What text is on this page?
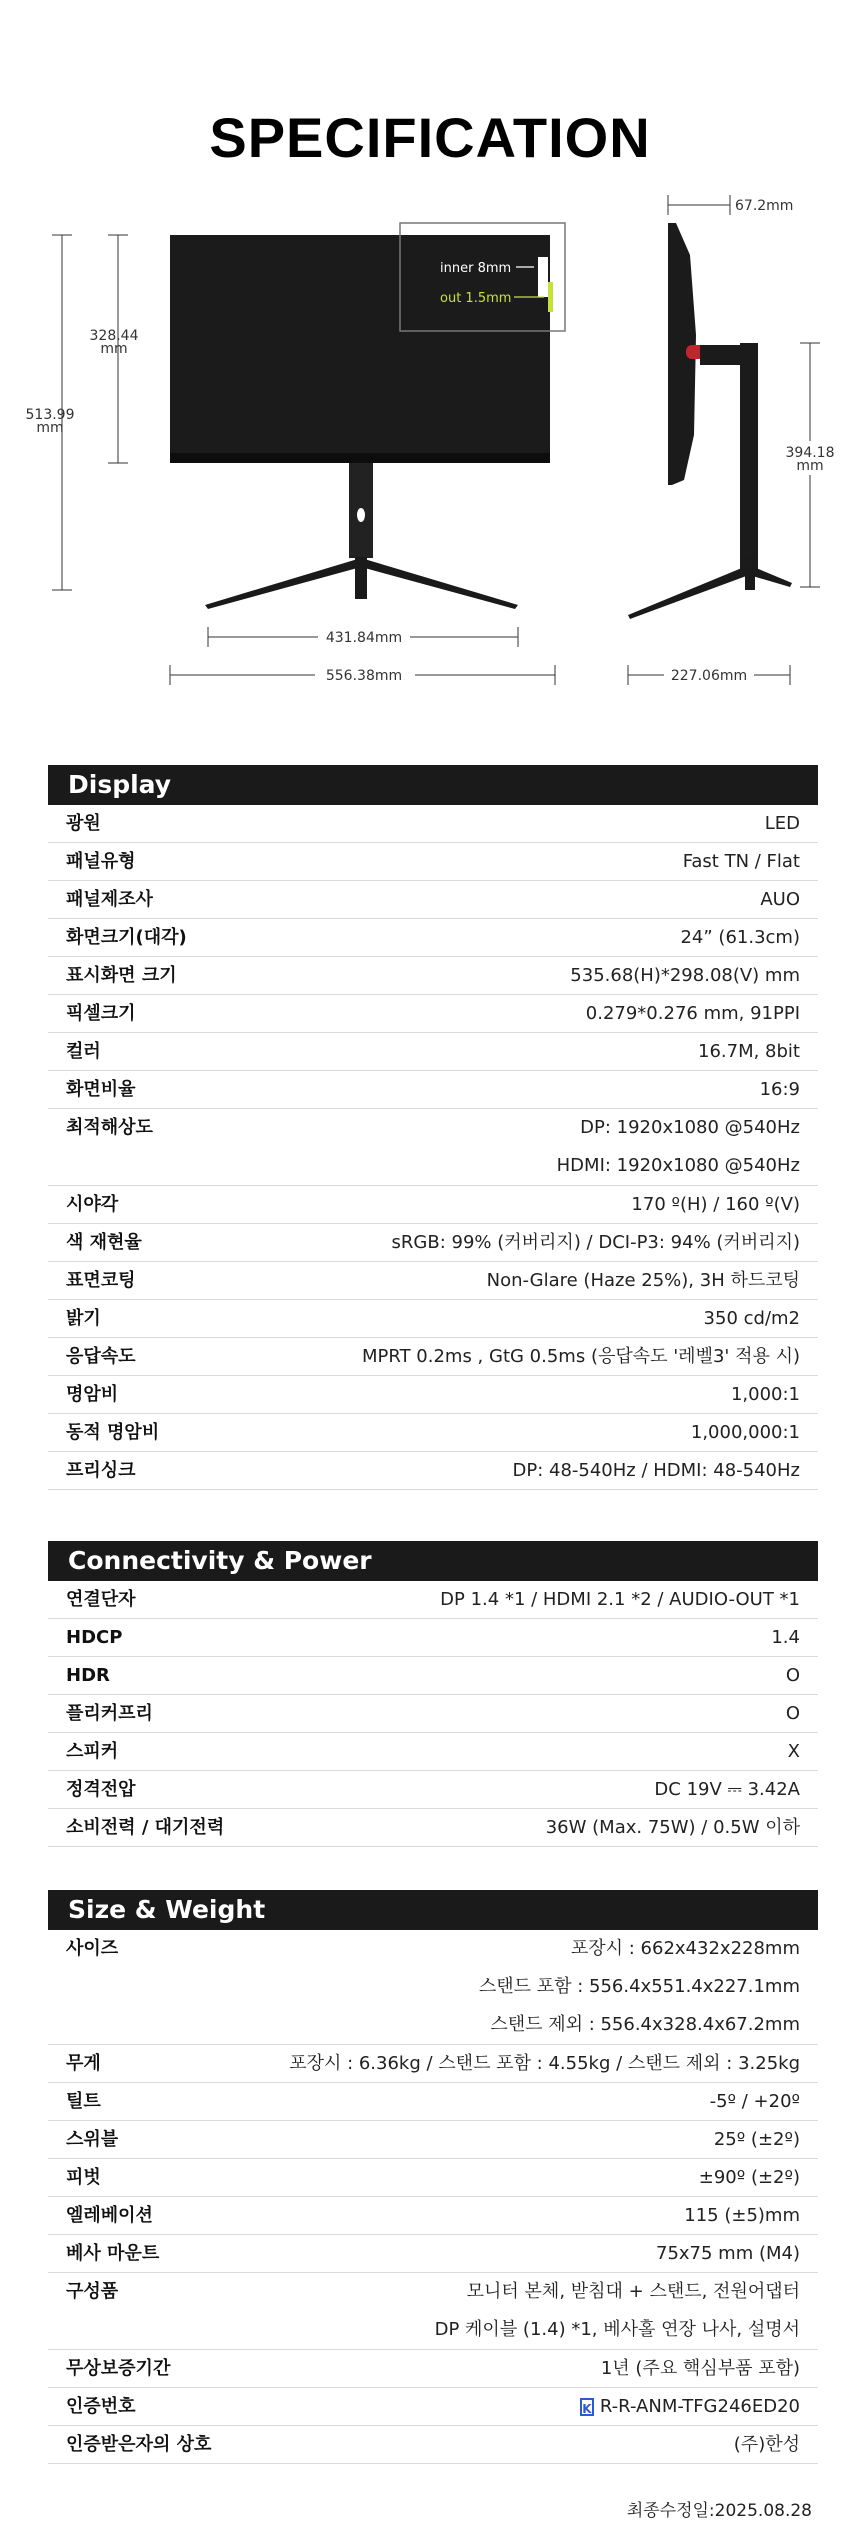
SPECIFICATION
inner 8mm
out 1.5mm
328.44
mm
513.99
mm
431.84mm
556.38mm
67.2mm
394.18
mm
227.06mm
Display
광원	LED
패널유형	Fast TN / Flat
패널제조사	AUO
화면크기(대각)	24” (61.3cm)
표시화면 크기	535.68(H)*298.08(V) mm
픽셀크기	0.279*0.276 mm, 91PPI
컬러	16.7M, 8bit
화면비율	16:9
최적해상도	DP: 1920x1080 @540Hz
HDMI: 1920x1080 @540Hz
시야각	170 º(H) / 160 º(V)
색 재현율	sRGB: 99% (커버리지) / DCI-P3: 94% (커버리지)
표면코팅	Non-Glare (Haze 25%), 3H 하드코팅
밝기	350 cd/m2
응답속도	MPRT 0.2ms , GtG 0.5ms (응답속도 '레벨3' 적용 시)
명암비	1,000:1
동적 명암비	1,000,000:1
프리싱크	DP: 48-540Hz / HDMI: 48-540Hz
Connectivity & Power
연결단자	DP 1.4 *1 / HDMI 2.1 *2 / AUDIO-OUT *1
HDCP	1.4
HDR	O
플리커프리	O
스피커	X
정격전압	DC 19V ⎓ 3.42A
소비전력 / 대기전력	36W (Max. 75W) / 0.5W 이하
Size & Weight
사이즈	포장시 : 662x432x228mm
스탠드 포함 : 556.4x551.4x227.1mm
스탠드 제외 : 556.4x328.4x67.2mm
무게	포장시 : 6.36kg / 스탠드 포함 : 4.55kg / 스탠드 제외 : 3.25kg
틸트	-5º / +20º
스위블	25º (±2º)
피벗	±90º (±2º)
엘레베이션	115 (±5)mm
베사 마운트	75x75 mm (M4)
구성품	모니터 본체, 받침대 + 스탠드, 전원어댑터
DP 케이블 (1.4) *1, 베사홀 연장 나사, 설명서
무상보증기간	1년 (주요 핵심부품 포함)
인증번호	K R-R-ANM-TFG246ED20
인증받은자의 상호	(주)한성
최종수정일:2025.08.28
